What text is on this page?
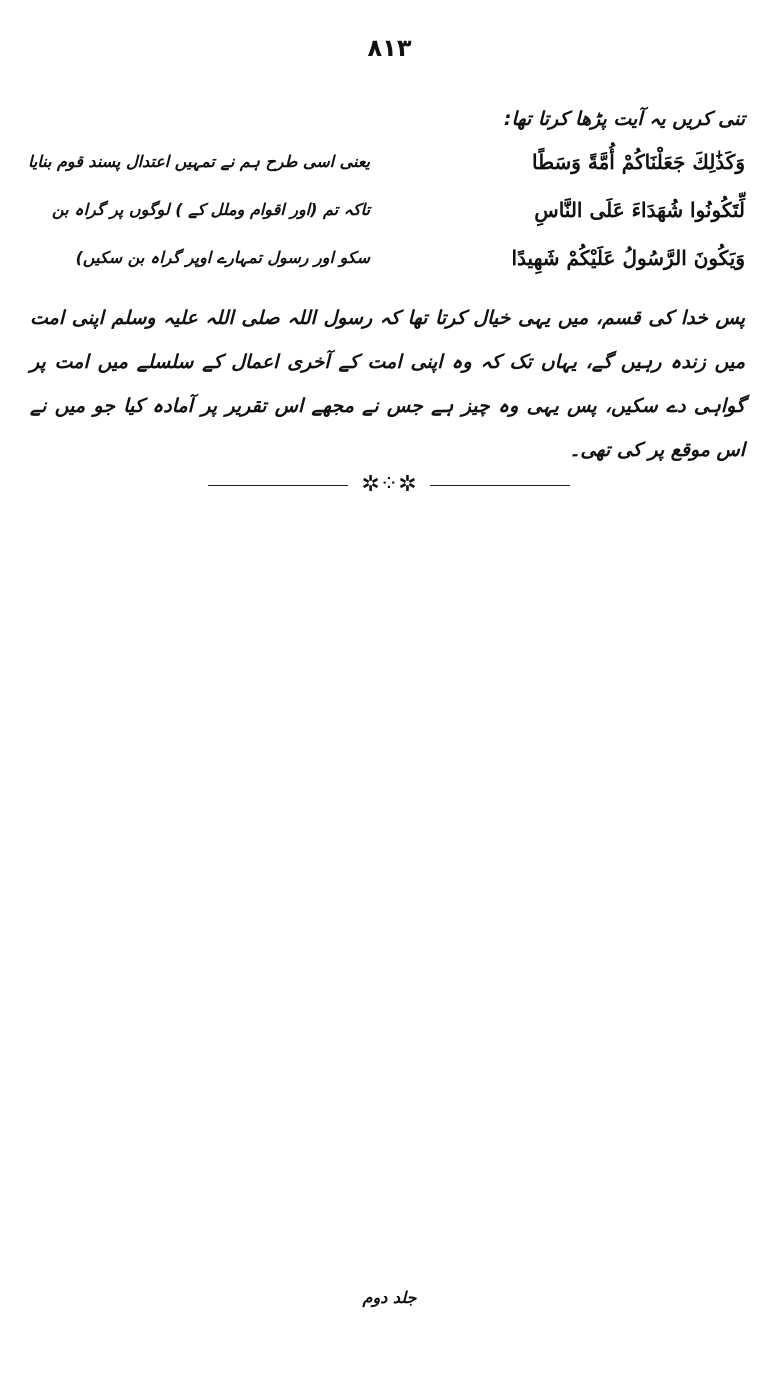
۸۱۳
تنی کریں یہ آیت پڑھا کرتا تھا:
وَكَذَٰلِكَ جَعَلْنَاكُمْ أُمَّةً وَسَطًا
یعنی اسی طرح ہم نے تمہیں اعتدال پسند قوم بنایا
لِّتَكُونُوا شُهَدَاءَ عَلَى النَّاسِ
تاکہ تم (اور اقوام وملل کے ) لوگوں پر گراہ بن
وَيَكُونَ الرَّسُولُ عَلَيْكُمْ شَهِيدًا
سکو اور رسول تمہارے اوپر گراہ بن سکیں)
پس خدا کی قسم، میں یہی خیال کرتا تھا کہ رسول اللہ صلی اللہ علیہ وسلم اپنی امت میں زندہ رہیں گے، یہاں تک کہ وہ اپنی امت کے آخری اعمال کے سلسلے میں امت پر گواہی دے سکیں، پس یہی وہ چیز ہے جس نے مجھے اس تقریر پر آمادہ کیا جو میں نے اس موقع پر کی تھی۔
✲⁘✲
جلد دوم
